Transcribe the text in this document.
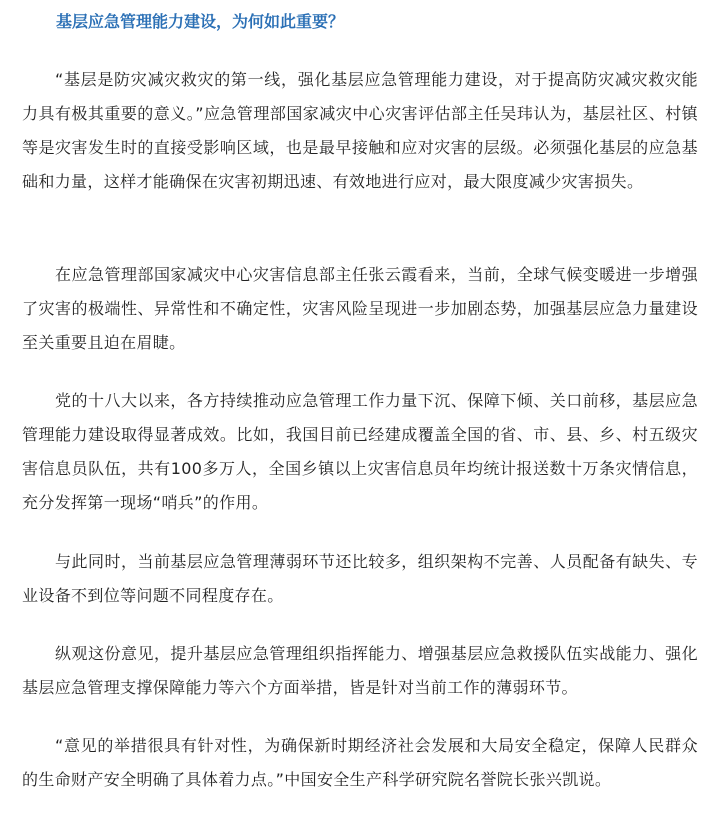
基层应急管理能力建设，为何如此重要？

“基层是防灾减灾救灾的第一线，强化基层应急管理能力建设，对于提高防灾减灾救灾能力具有极其重要的意义。”应急管理部国家减灾中心灾害评估部主任吴玮认为，基层社区、村镇等是灾害发生时的直接受影响区域，也是最早接触和应对灾害的层级。必须强化基层的应急基础和力量，这样才能确保在灾害初期迅速、有效地进行应对，最大限度减少灾害损失。

在应急管理部国家减灾中心灾害信息部主任张云霞看来，当前，全球气候变暖进一步增强了灾害的极端性、异常性和不确定性，灾害风险呈现进一步加剧态势，加强基层应急力量建设至关重要且迫在眉睫。

党的十八大以来，各方持续推动应急管理工作力量下沉、保障下倾、关口前移，基层应急管理能力建设取得显著成效。比如，我国目前已经建成覆盖全国的省、市、县、乡、村五级灾害信息员队伍，共有100多万人，全国乡镇以上灾害信息员年均统计报送数十万条灾情信息，充分发挥第一现场“哨兵”的作用。

与此同时，当前基层应急管理薄弱环节还比较多，组织架构不完善、人员配备有缺失、专业设备不到位等问题不同程度存在。

纵观这份意见，提升基层应急管理组织指挥能力、增强基层应急救援队伍实战能力、强化基层应急管理支撑保障能力等六个方面举措，皆是针对当前工作的薄弱环节。

“意见的举措很具有针对性，为确保新时期经济社会发展和大局安全稳定，保障人民群众的生命财产安全明确了具体着力点。”中国安全生产科学研究院名誉院长张兴凯说。
